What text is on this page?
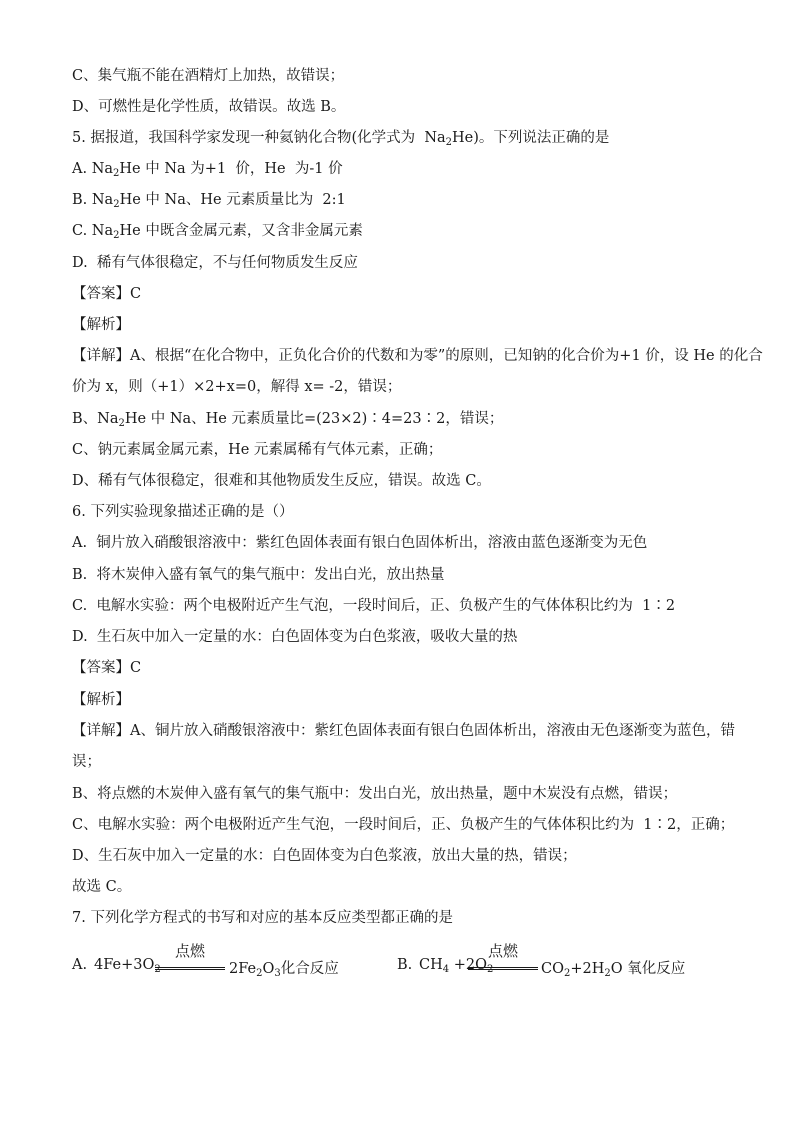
C、集气瓶不能在酒精灯上加热，故错误；
D、可燃性是化学性质，故错误。故选 B。
5. 据报道，我国科学家发现一种氦钠化合物(化学式为  $Na_2He$)。下列说法正确的是
A. $Na_2He$ 中 Na 为+1  价，He  为-1 价
B. $Na_2He$ 中 Na、He 元素质量比为  2:1
C. $Na_2He$ 中既含金属元素，又含非金属元素
D.  稀有气体很稳定，不与任何物质发生反应
【答案】C
【解析】
【详解】A、根据“在化合物中，正负化合价的代数和为零”的原则，已知钠的化合价为+1 价，设 He 的化合
价为 x，则（+1）×2+x=0，解得 x= -2，错误；
B、$Na_2He$ 中 Na、He 元素质量比=(23×2)∶4=23∶2，错误；
C、钠元素属金属元素，He 元素属稀有气体元素，正确；
D、稀有气体很稳定，很难和其他物质发生反应，错误。故选 C。
6. 下列实验现象描述正确的是（）
A.  铜片放入硝酸银溶液中：紫红色固体表面有银白色固体析出，溶液由蓝色逐渐变为无色
B.  将木炭伸入盛有氧气的集气瓶中：发出白光，放出热量
C.  电解水实验：两个电极附近产生气泡，一段时间后，正、负极产生的气体体积比约为  1∶2
D.  生石灰中加入一定量的水：白色固体变为白色浆液，吸收大量的热
【答案】C
【解析】
【详解】A、铜片放入硝酸银溶液中：紫红色固体表面有银白色固体析出，溶液由无色逐渐变为蓝色，错
误；
B、将点燃的木炭伸入盛有氧气的集气瓶中：发出白光，放出热量，题中木炭没有点燃，错误；
C、电解水实验：两个电极附近产生气泡，一段时间后，正、负极产生的气体体积比约为  1∶2，正确；
D、生石灰中加入一定量的水：白色固体变为白色浆液，放出大量的热，错误；
故选 C。
7. 下列化学方程式的书写和对应的基本反应类型都正确的是
A. $4Fe+3O_2$
点燃
$2Fe_2O_3$化合反应	B. $CH_4 +2O_2$
点燃
$CO_2+2H_2O$ 氧化反应
